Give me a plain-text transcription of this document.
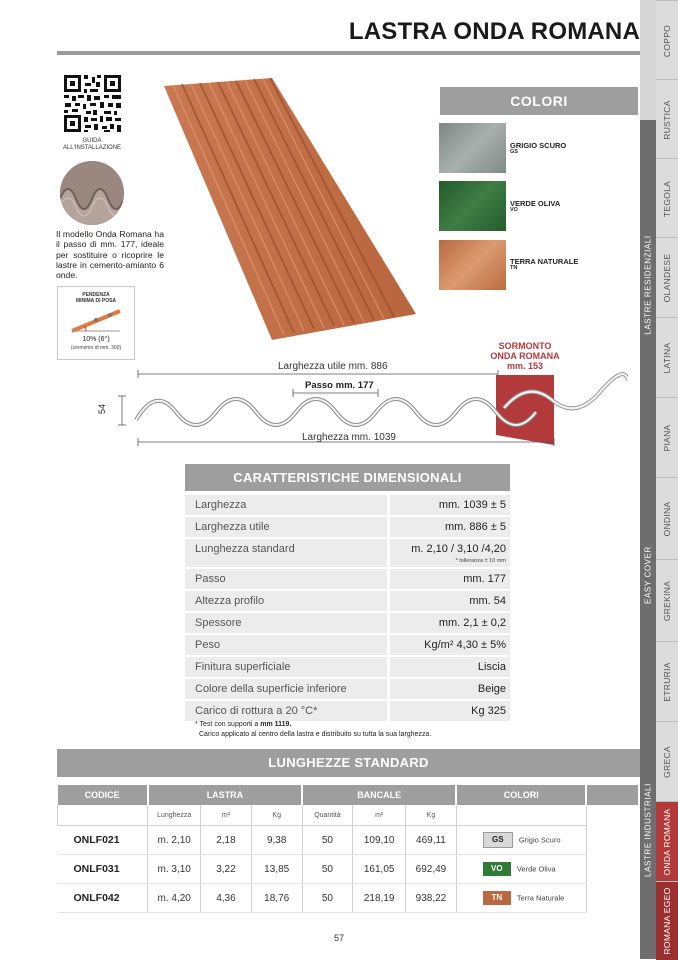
LASTRA ONDA ROMANA	COPPO
RUSTICA
TEGOLA
OLANDESE
LATINA
PIANA
ONDINA
GREKINA
ETRURIA
GRECA
ONDA ROMANA
ROMANA EGEO
LASTRE RESIDENZIALI
EASY COVER
LASTRE INDUSTRIALI
GUIDA
ALL'INSTALLAZIONE
Il modello Onda Romana ha il passo di mm. 177, ideale per sostituire o ricoprire le lastre in cemento-amianto 6 onde.
PENDENZA
MINIMA DI POSA
10% (6°)
(sormonto di mm. 300)
COLORI
GRIGIO SCURO
GS
VERDE OLIVA
VO
TERRA NATURALE
TN
SORMONTO
ONDA ROMANA
mm. 153
Larghezza utile mm. 886
Passo mm. 177
54
Larghezza mm. 1039
CARATTERISTICHE DIMENSIONALI
Larghezza	mm. 1039 ± 5
Larghezza utile	mm. 886 ± 5
Lunghezza standard	m. 2,10 / 3,10 /4,20
* tolleranza ± 10 mm
Passo	mm. 177
Altezza profilo	mm. 54
Spessore	mm. 2,1 ± 0,2
Peso	Kg/m² 4,30 ± 5%
Finitura superficiale	Liscia
Colore della superficie inferiore	Beige
Carico di rottura a 20 °C*	Kg 325
* Test con supporti a mm 1119.
Carico applicato al centro della lastra e distribuito su tutta la sua larghezza.
LUNGHEZZE STANDARD
CODICE	LASTRA			BANCALE			COLORI	
	Lunghezza	m²	Kg	Quantità	m²	Kg		
ONLF021	m. 2,10	2,18	9,38	50	109,10	469,11	GS Grigio Scuro	
ONLF031	m. 3,10	3,22	13,85	50	161,05	692,49	VO Verde Oliva	
ONLF042	m. 4,20	4,36	18,76	50	218,19	938,22	TN Terra Naturale	
57
